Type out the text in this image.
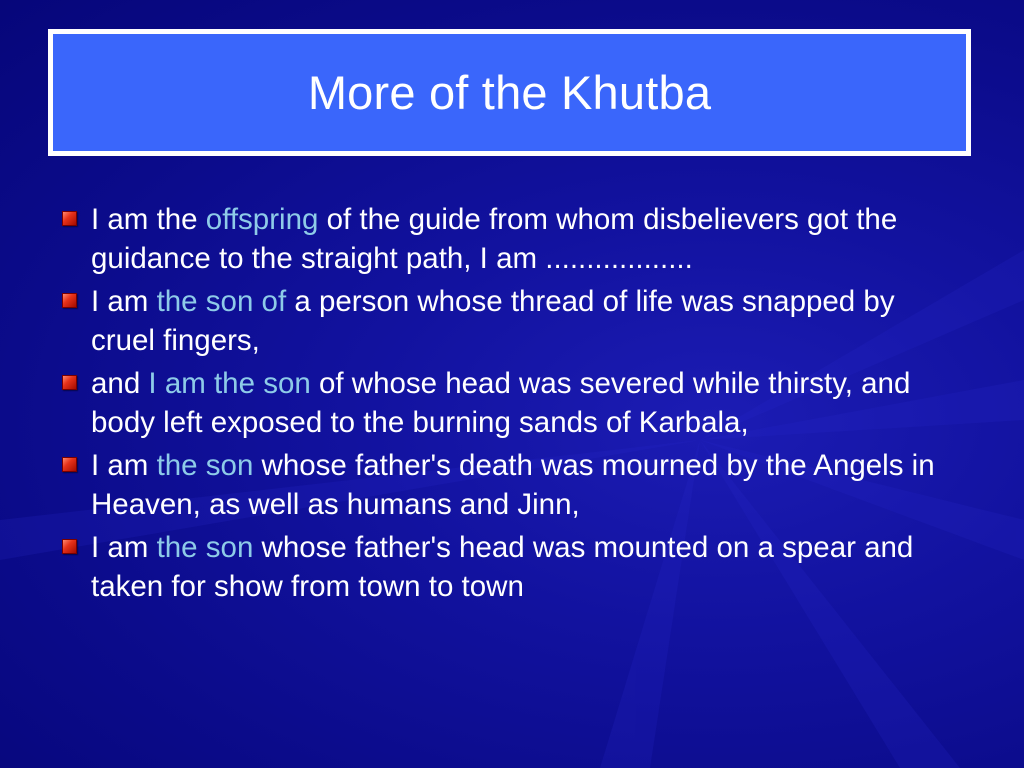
More of the Khutba
I am the offspring of the guide from whom disbelievers got the guidance to the straight path, I am ..................
I am the son of a person whose thread of life was snapped by cruel fingers,
and I am the son of whose head was severed while thirsty, and body left exposed to the burning sands of Karbala,
I am the son whose father's death was mourned by the Angels in Heaven, as well as humans and Jinn,
I am the son whose father's head was mounted on a spear and taken for show from town to town
